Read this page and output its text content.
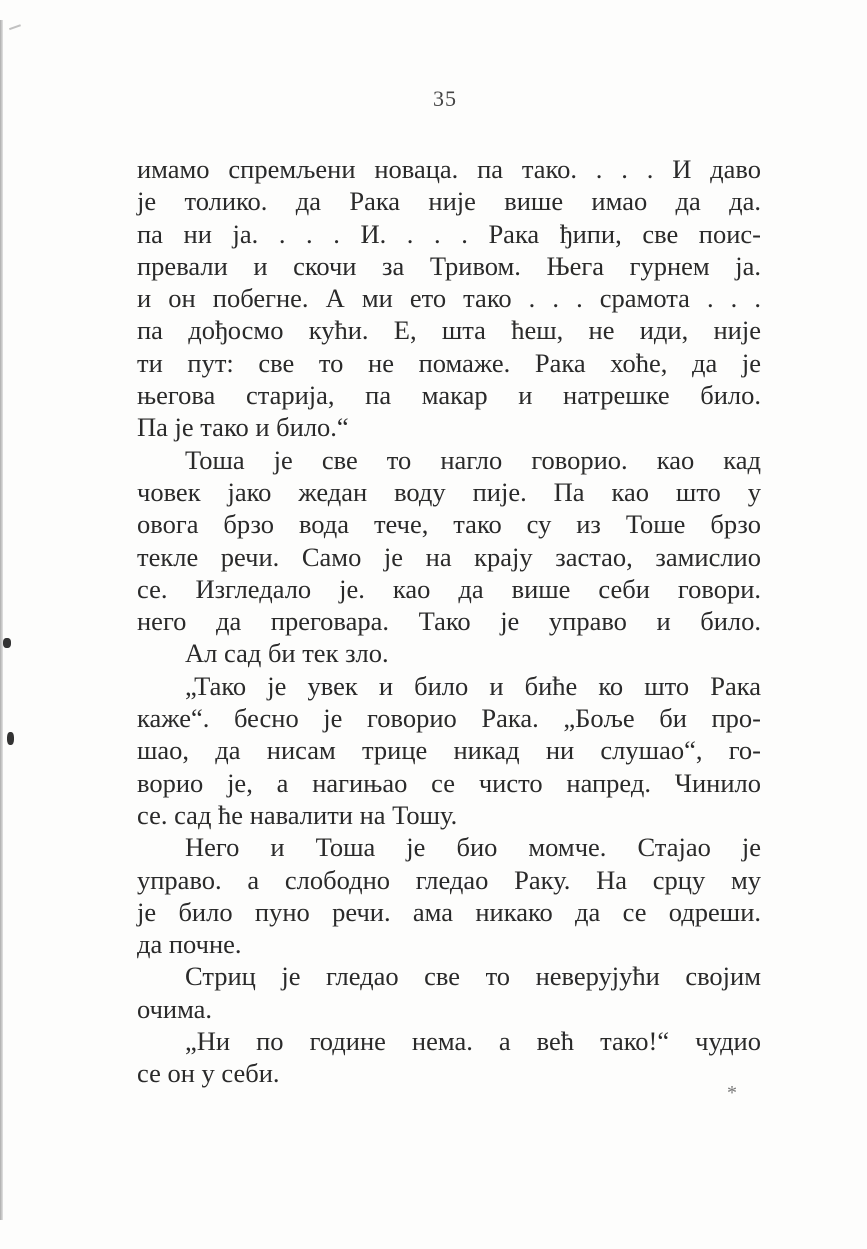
35
имамо спремљени новаца. па тако. . . . И даво
је толико. да Рака није више имао да да.
па ни ја. . . . И. . . . Рака ђипи, све поис-
превали и скочи за Тривом. Њега гурнем ја.
и он побегне. А ми ето тако . . . срамота . . .
па дођосмо кући. Е, шта ћеш, не иди, није
ти пут: све то не помаже. Рака хоће, да је
његова старија, па макар и натрешке било.
Па је тако и било.“
Тоша је све то нагло говорио. као кад
човек јако жедан воду пије. Па као што у
овога брзо вода тече, тако су из Тоше брзо
текле речи. Само је на крају застао, замислио
се. Изгледало је. као да више себи говори.
него да преговара. Тако је управо и било.
Ал сад би тек зло.
„Тако је увек и било и биће ко што Рака
каже“. бесно је говорио Рака. „Боље би про-
шао, да нисам трице никад ни слушао“, го-
ворио је, а нагињао се чисто напред. Чинило
се. сад ће навалити на Тошу.
Него и Тоша је био момче. Стајао је
управо. а слободно гледао Раку. На срцу му
је било пуно речи. ама никако да се одреши.
да почне.
Стриц је гледао све то неверујући својим
очима.
„Ни по године нема. а већ тако!“ чудио
се он у себи.
*
